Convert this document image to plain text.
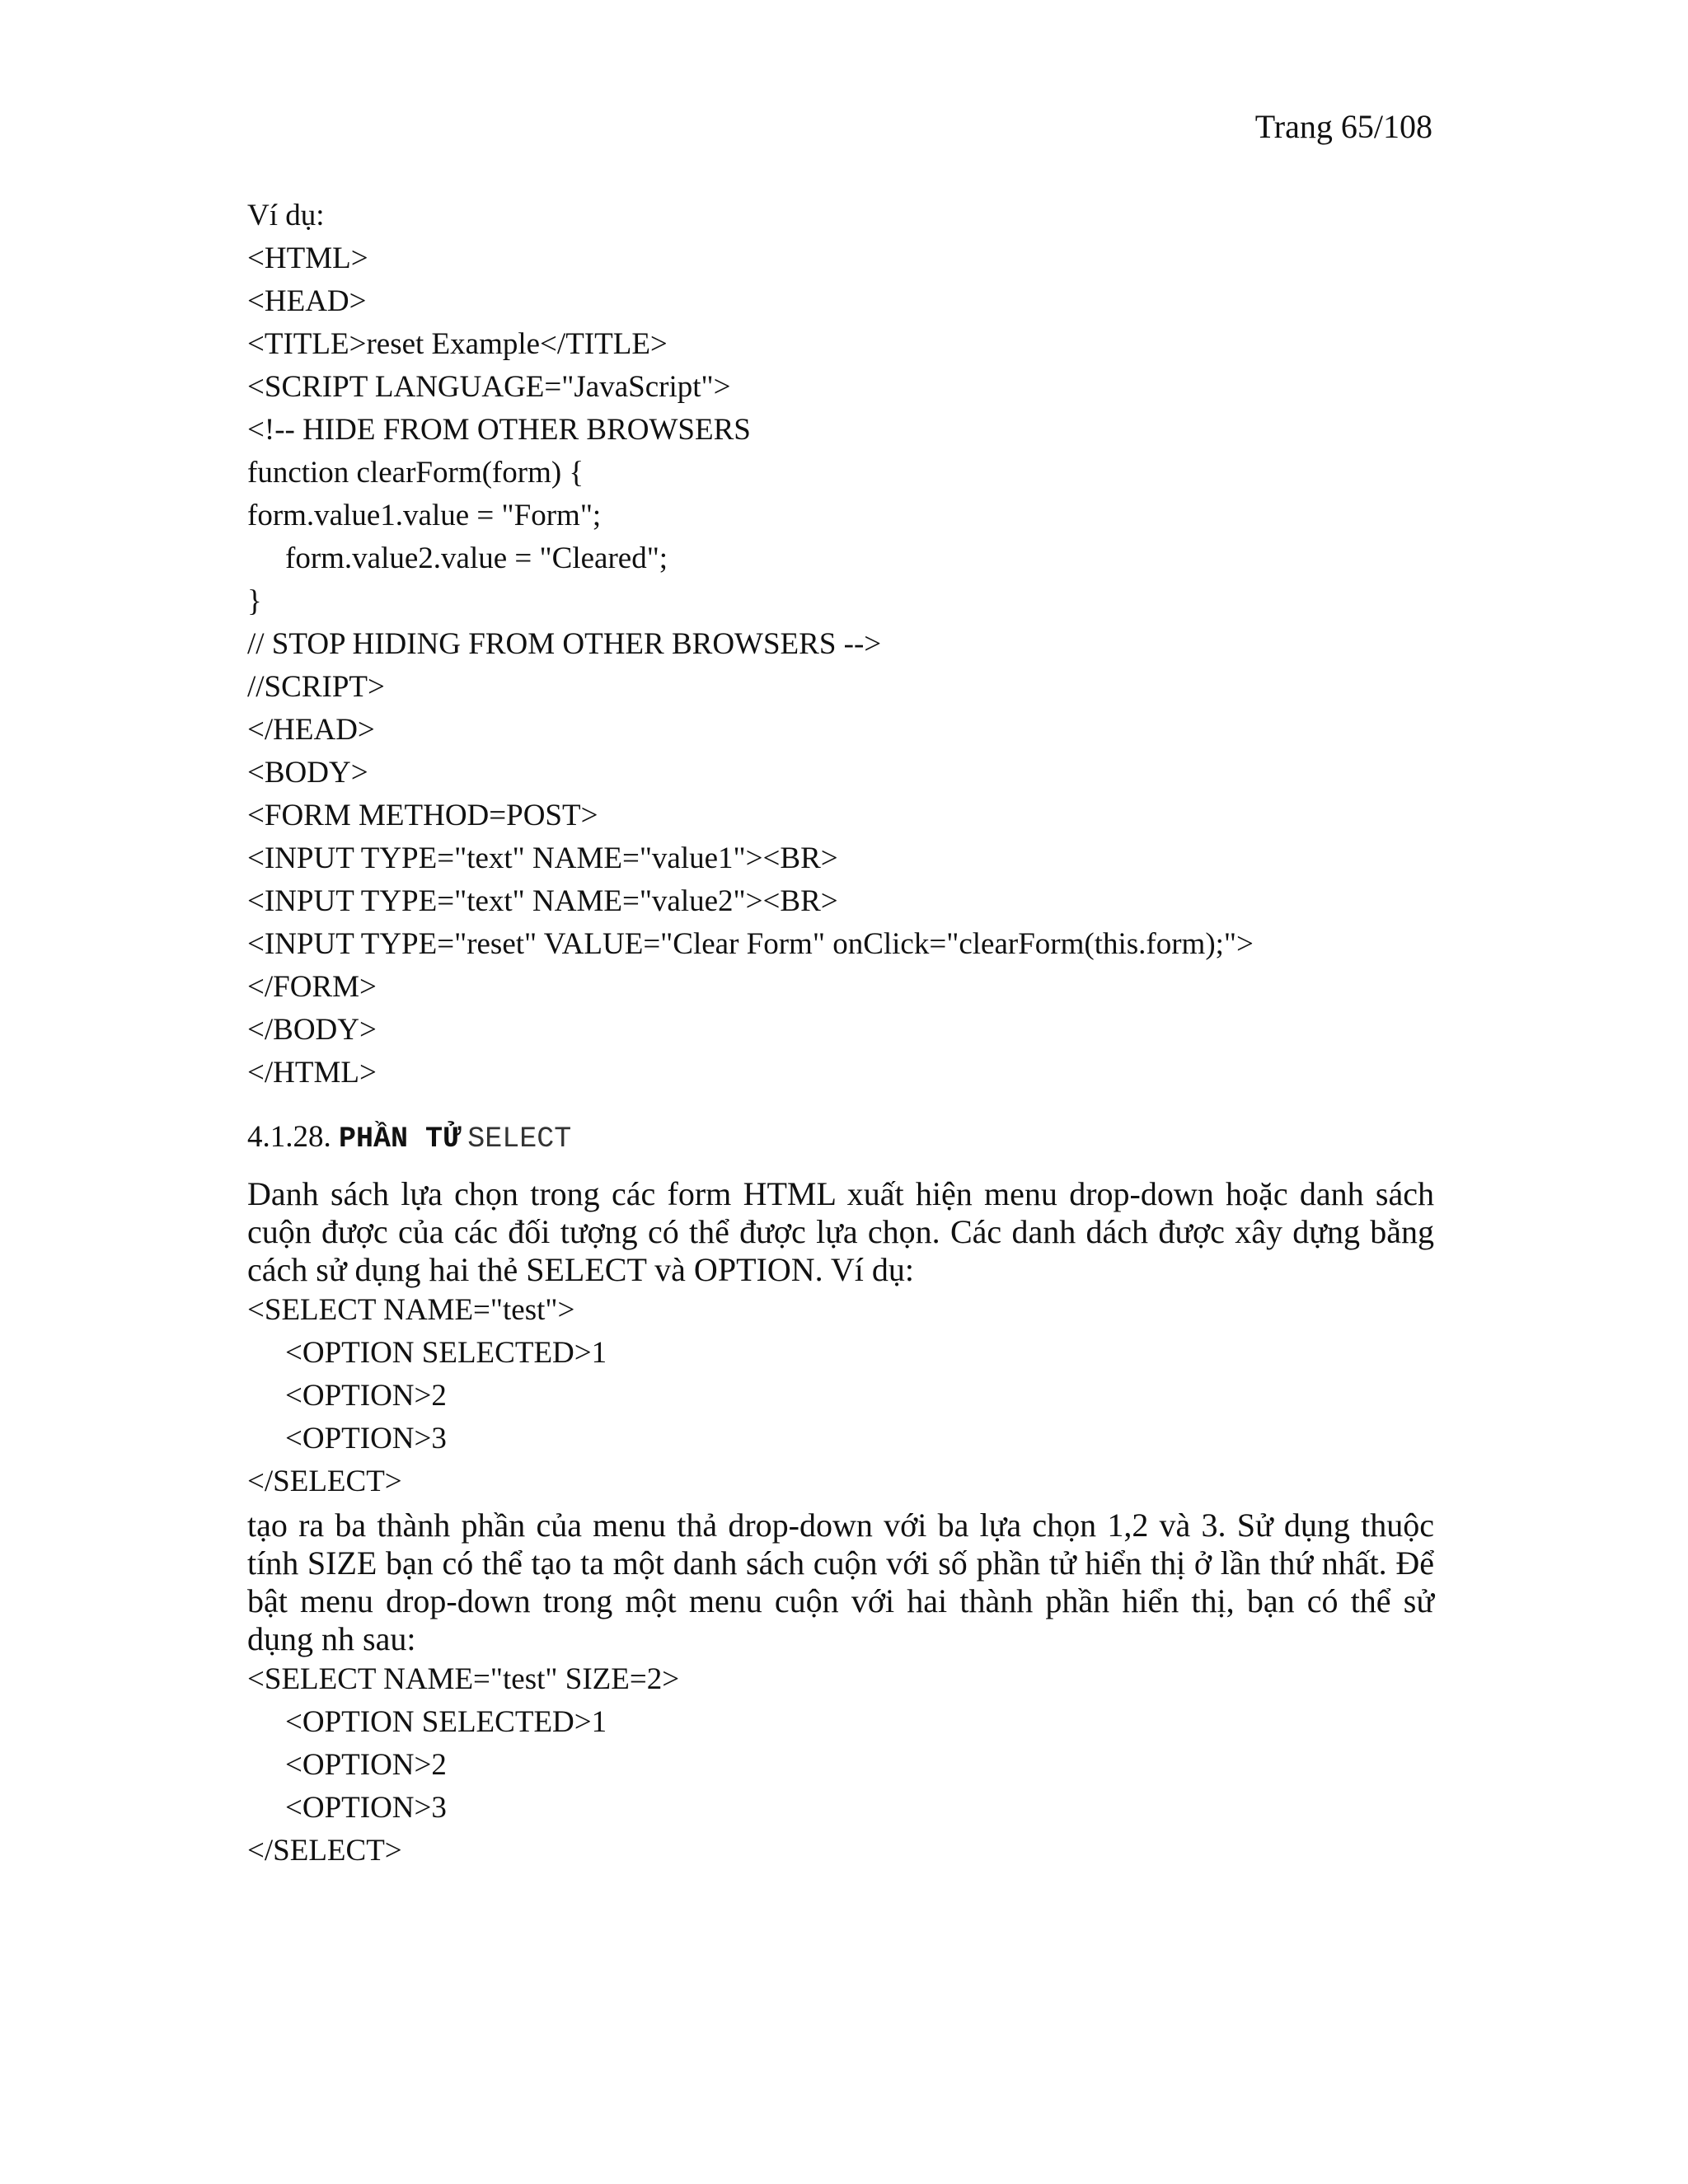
Trang 65/108
Ví dụ:
<HTML>
<HEAD>
<TITLE>reset Example</TITLE>
<SCRIPT LANGUAGE="JavaScript">
<!-- HIDE FROM OTHER BROWSERS
function clearForm(form) {
form.value1.value = "Form";
form.value2.value = "Cleared";
}
// STOP HIDING FROM OTHER BROWSERS -->
//SCRIPT>
</HEAD>
<BODY>
<FORM METHOD=POST>
<INPUT TYPE="text" NAME="value1"><BR>
<INPUT TYPE="text" NAME="value2"><BR>
<INPUT TYPE="reset" VALUE="Clear Form" onClick="clearForm(this.form);">
</FORM>
</BODY>
</HTML>
4.1.28. PHẦN TỬ SELECT
Danh sách lựa chọn trong các form HTML xuất hiện menu drop-down hoặc danh sách cuộn được của các đối tượng có thể được lựa chọn. Các danh dách được xây dựng bằng cách sử dụng hai thẻ SELECT và OPTION. Ví dụ:
<SELECT NAME="test">
<OPTION SELECTED>1
<OPTION>2
<OPTION>3
</SELECT>
tạo ra ba thành phần của menu thả drop-down với ba lựa chọn 1,2 và 3. Sử dụng thuộc tính SIZE bạn có thể tạo ta một danh sách cuộn với số phần tử hiển thị ở lần thứ nhất. Để bật menu drop-down trong một menu cuộn với hai thành phần hiển thị, bạn có thể sử dụng nh sau:
<SELECT NAME="test" SIZE=2>
<OPTION SELECTED>1
<OPTION>2
<OPTION>3
</SELECT>
